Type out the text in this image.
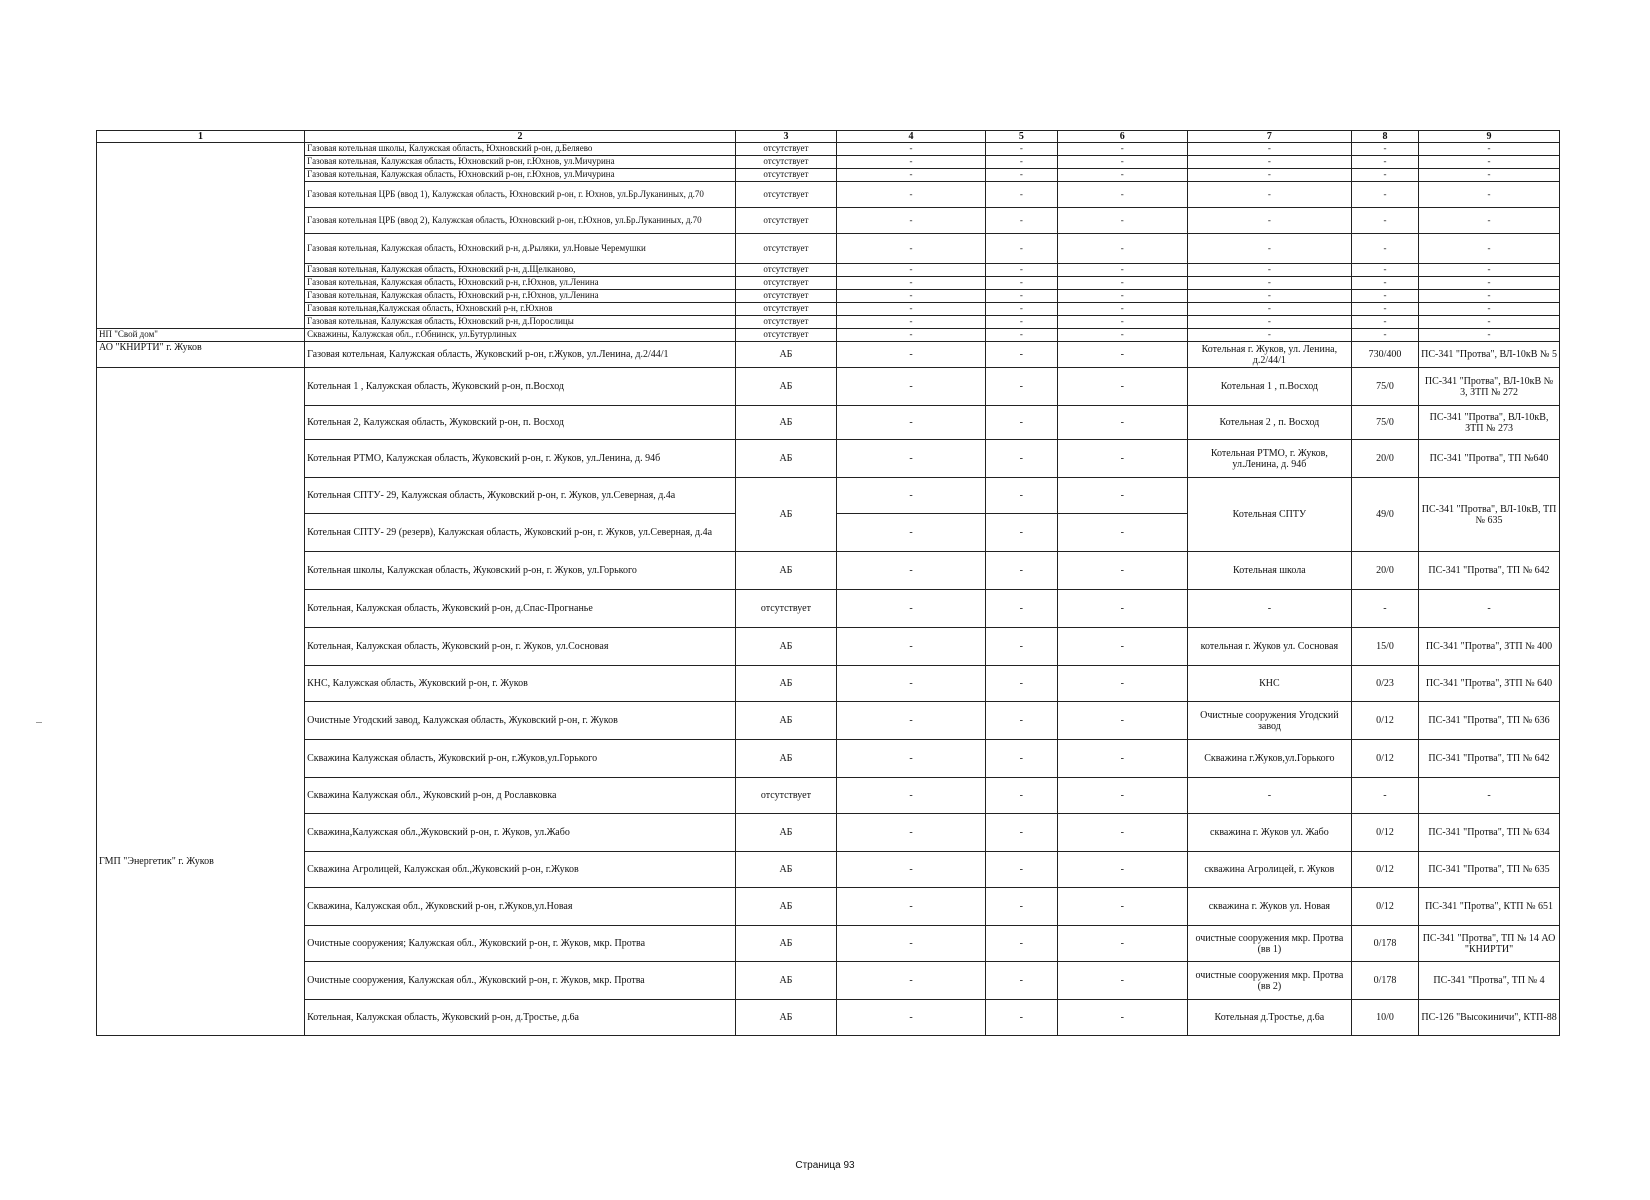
1	2	3	4	5	6	7	8	9
	Газовая котельная школы, Калужская область, Юхновский р-он, д.Беляево	отсутствует	-	-	-	-	-	-
	Газовая котельная, Калужская область, Юхновский р-он, г.Юхнов, ул.Мичурина	отсутствует	-	-	-	-	-	-
	Газовая котельная, Калужская область, Юхновский р-он, г.Юхнов, ул.Мичурина	отсутствует	-	-	-	-	-	-
	Газовая котельная ЦРБ (ввод 1), Калужская область, Юхновский р-он, г. Юхнов, ул.Бр.Луканиных, д.70	отсутствует	-	-	-	-	-	-
	Газовая котельная ЦРБ (ввод 2), Калужская область, Юхновский р-он, г.Юхнов, ул.Бр.Луканиных, д.70	отсутствует	-	-	-	-	-	-
	Газовая котельная, Калужская область, Юхновский р-н, д.Рыляки, ул.Новые Черемушки	отсутствует	-	-	-	-	-	-
	Газовая котельная, Калужская область, Юхновский р-н, д.Щелканово,	отсутствует	-	-	-	-	-	-
	Газовая котельная, Калужская область, Юхновский р-н, г.Юхнов, ул.Ленина	отсутствует	-	-	-	-	-	-
	Газовая котельная, Калужская область, Юхновский р-н, г.Юхнов, ул.Ленина	отсутствует	-	-	-	-	-	-
	Газовая котельная,Калужская область, Юхновский р-н, г.Юхнов	отсутствует	-	-	-	-	-	-
	Газовая котельная, Калужская область, Юхновский р-н, д.Порослицы	отсутствует	-	-	-	-	-	-
НП "Свой дом"	Скважины, Калужская обл., г.Обнинск, ул.Бутурлиных	отсутствует	-	-	-	-	-	-
АО "КНИРТИ" г. Жуков	Газовая котельная, Калужская область, Жуковский р-он, г.Жуков, ул.Ленина, д.2/44/1	АБ	-	-	-	Котельная г. Жуков, ул. Ленина, д.2/44/1	730/400	ПС-341 "Протва", ВЛ-10кВ № 5
ГМП "Энергетик" г. Жуков	Котельная 1 , Калужская область, Жуковский р-он, п.Восход	АБ	-	-	-	Котельная 1 , п.Восход	75/0	ПС-341 "Протва", ВЛ-10кВ № 3, ЗТП № 272
	Котельная 2, Калужская область, Жуковский р-он, п. Восход	АБ	-	-	-	Котельная 2 , п. Восход	75/0	ПС-341 "Протва", ВЛ-10кВ, ЗТП № 273
	Котельная РТМО, Калужская область, Жуковский р-он, г. Жуков, ул.Ленина, д. 94б	АБ	-	-	-	Котельная РТМО, г. Жуков, ул.Ленина, д. 94б	20/0	ПС-341 "Протва", ТП №640
	Котельная СПТУ- 29, Калужская область, Жуковский р-он, г. Жуков, ул.Северная, д.4а	АБ	-	-	-	Котельная СПТУ	49/0	ПС-341 "Протва", ВЛ-10кВ, ТП № 635
	Котельная СПТУ- 29 (резерв), Калужская область, Жуковский р-он, г. Жуков, ул.Северная, д.4а		-	-	-			
	Котельная школы, Калужская область, Жуковский р-он, г. Жуков, ул.Горького	АБ	-	-	-	Котельная школа	20/0	ПС-341 "Протва", ТП № 642
	Котельная, Калужская область, Жуковский р-он, д.Спас-Прогнанье	отсутствует	-	-	-	-	-	-
	Котельная, Калужская область, Жуковский р-он, г. Жуков, ул.Сосновая	АБ	-	-	-	котельная г. Жуков ул. Сосновая	15/0	ПС-341 "Протва", ЗТП № 400
	КНС, Калужская область, Жуковский р-он, г. Жуков	АБ	-	-	-	КНС	0/23	ПС-341 "Протва", ЗТП № 640
	Очистные Угодский завод, Калужская область, Жуковский р-он, г. Жуков	АБ	-	-	-	Очистные сооружения Угодский завод	0/12	ПС-341 "Протва", ТП № 636
	Скважина Калужская область, Жуковский р-он, г.Жуков,ул.Горького	АБ	-	-	-	Скважина г.Жуков,ул.Горького	0/12	ПС-341 "Протва", ТП № 642
	Скважина Калужская обл., Жуковский р-он, д Рославковка	отсутствует	-	-	-	-	-	-
	Скважина,Калужская обл.,Жуковский р-он, г. Жуков, ул.Жабо	АБ	-	-	-	скважина г. Жуков ул. Жабо	0/12	ПС-341 "Протва", ТП № 634
	Скважина Агролицей, Калужская обл.,Жуковский р-он, г.Жуков	АБ	-	-	-	скважина Агролицей, г. Жуков	0/12	ПС-341 "Протва", ТП № 635
	Скважина, Калужская обл., Жуковский р-он, г.Жуков,ул.Новая	АБ	-	-	-	скважина г. Жуков ул. Новая	0/12	ПС-341 "Протва", КТП № 651
	Очистные сооружения; Калужская обл., Жуковский р-он, г. Жуков, мкр. Протва	АБ	-	-	-	очистные сооружения мкр. Протва (вв 1)	0/178	ПС-341 "Протва", ТП № 14 АО "КНИРТИ"
	Очистные сооружения, Калужская обл., Жуковский р-он, г. Жуков, мкр. Протва	АБ	-	-	-	очистные сооружения мкр. Протва (вв 2)	0/178	ПС-341 "Протва", ТП № 4
	Котельная, Калужская область, Жуковский р-он, д.Тростье, д.6а	АБ	-	-	-	Котельная д.Тростье, д.6а	10/0	ПС-126 "Высокиничи", КТП-88
Страница 93
